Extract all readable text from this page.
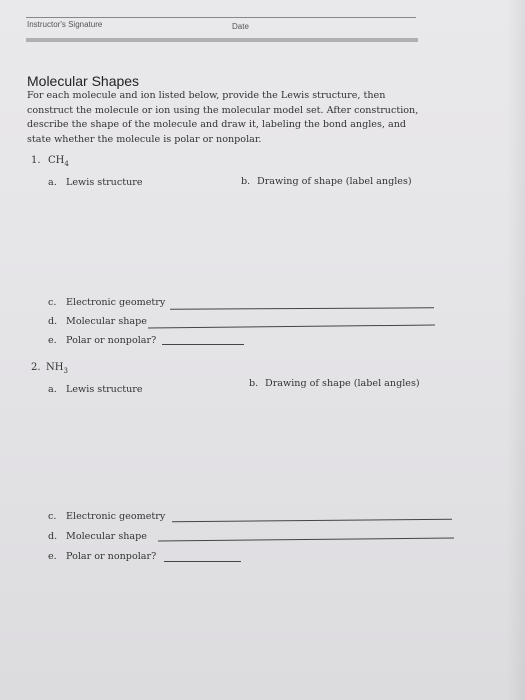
Instructor's Signature	Date
Molecular Shapes
For each molecule and ion listed below, provide the Lewis structure, then construct the molecule or ion using the molecular model set. After construction, describe the shape of the molecule and draw it, labeling the bond angles, and state whether the molecule is polar or nonpolar.
1. $CH_4$
a. Lewis structure	b. Drawing of shape (label angles)
c. Electronic geometry
d. Molecular shape
e. Polar or nonpolar?
2. $NH_3$
a. Lewis structure
b. Drawing of shape (label angles)
c. Electronic geometry
d. Molecular shape
e. Polar or nonpolar?
